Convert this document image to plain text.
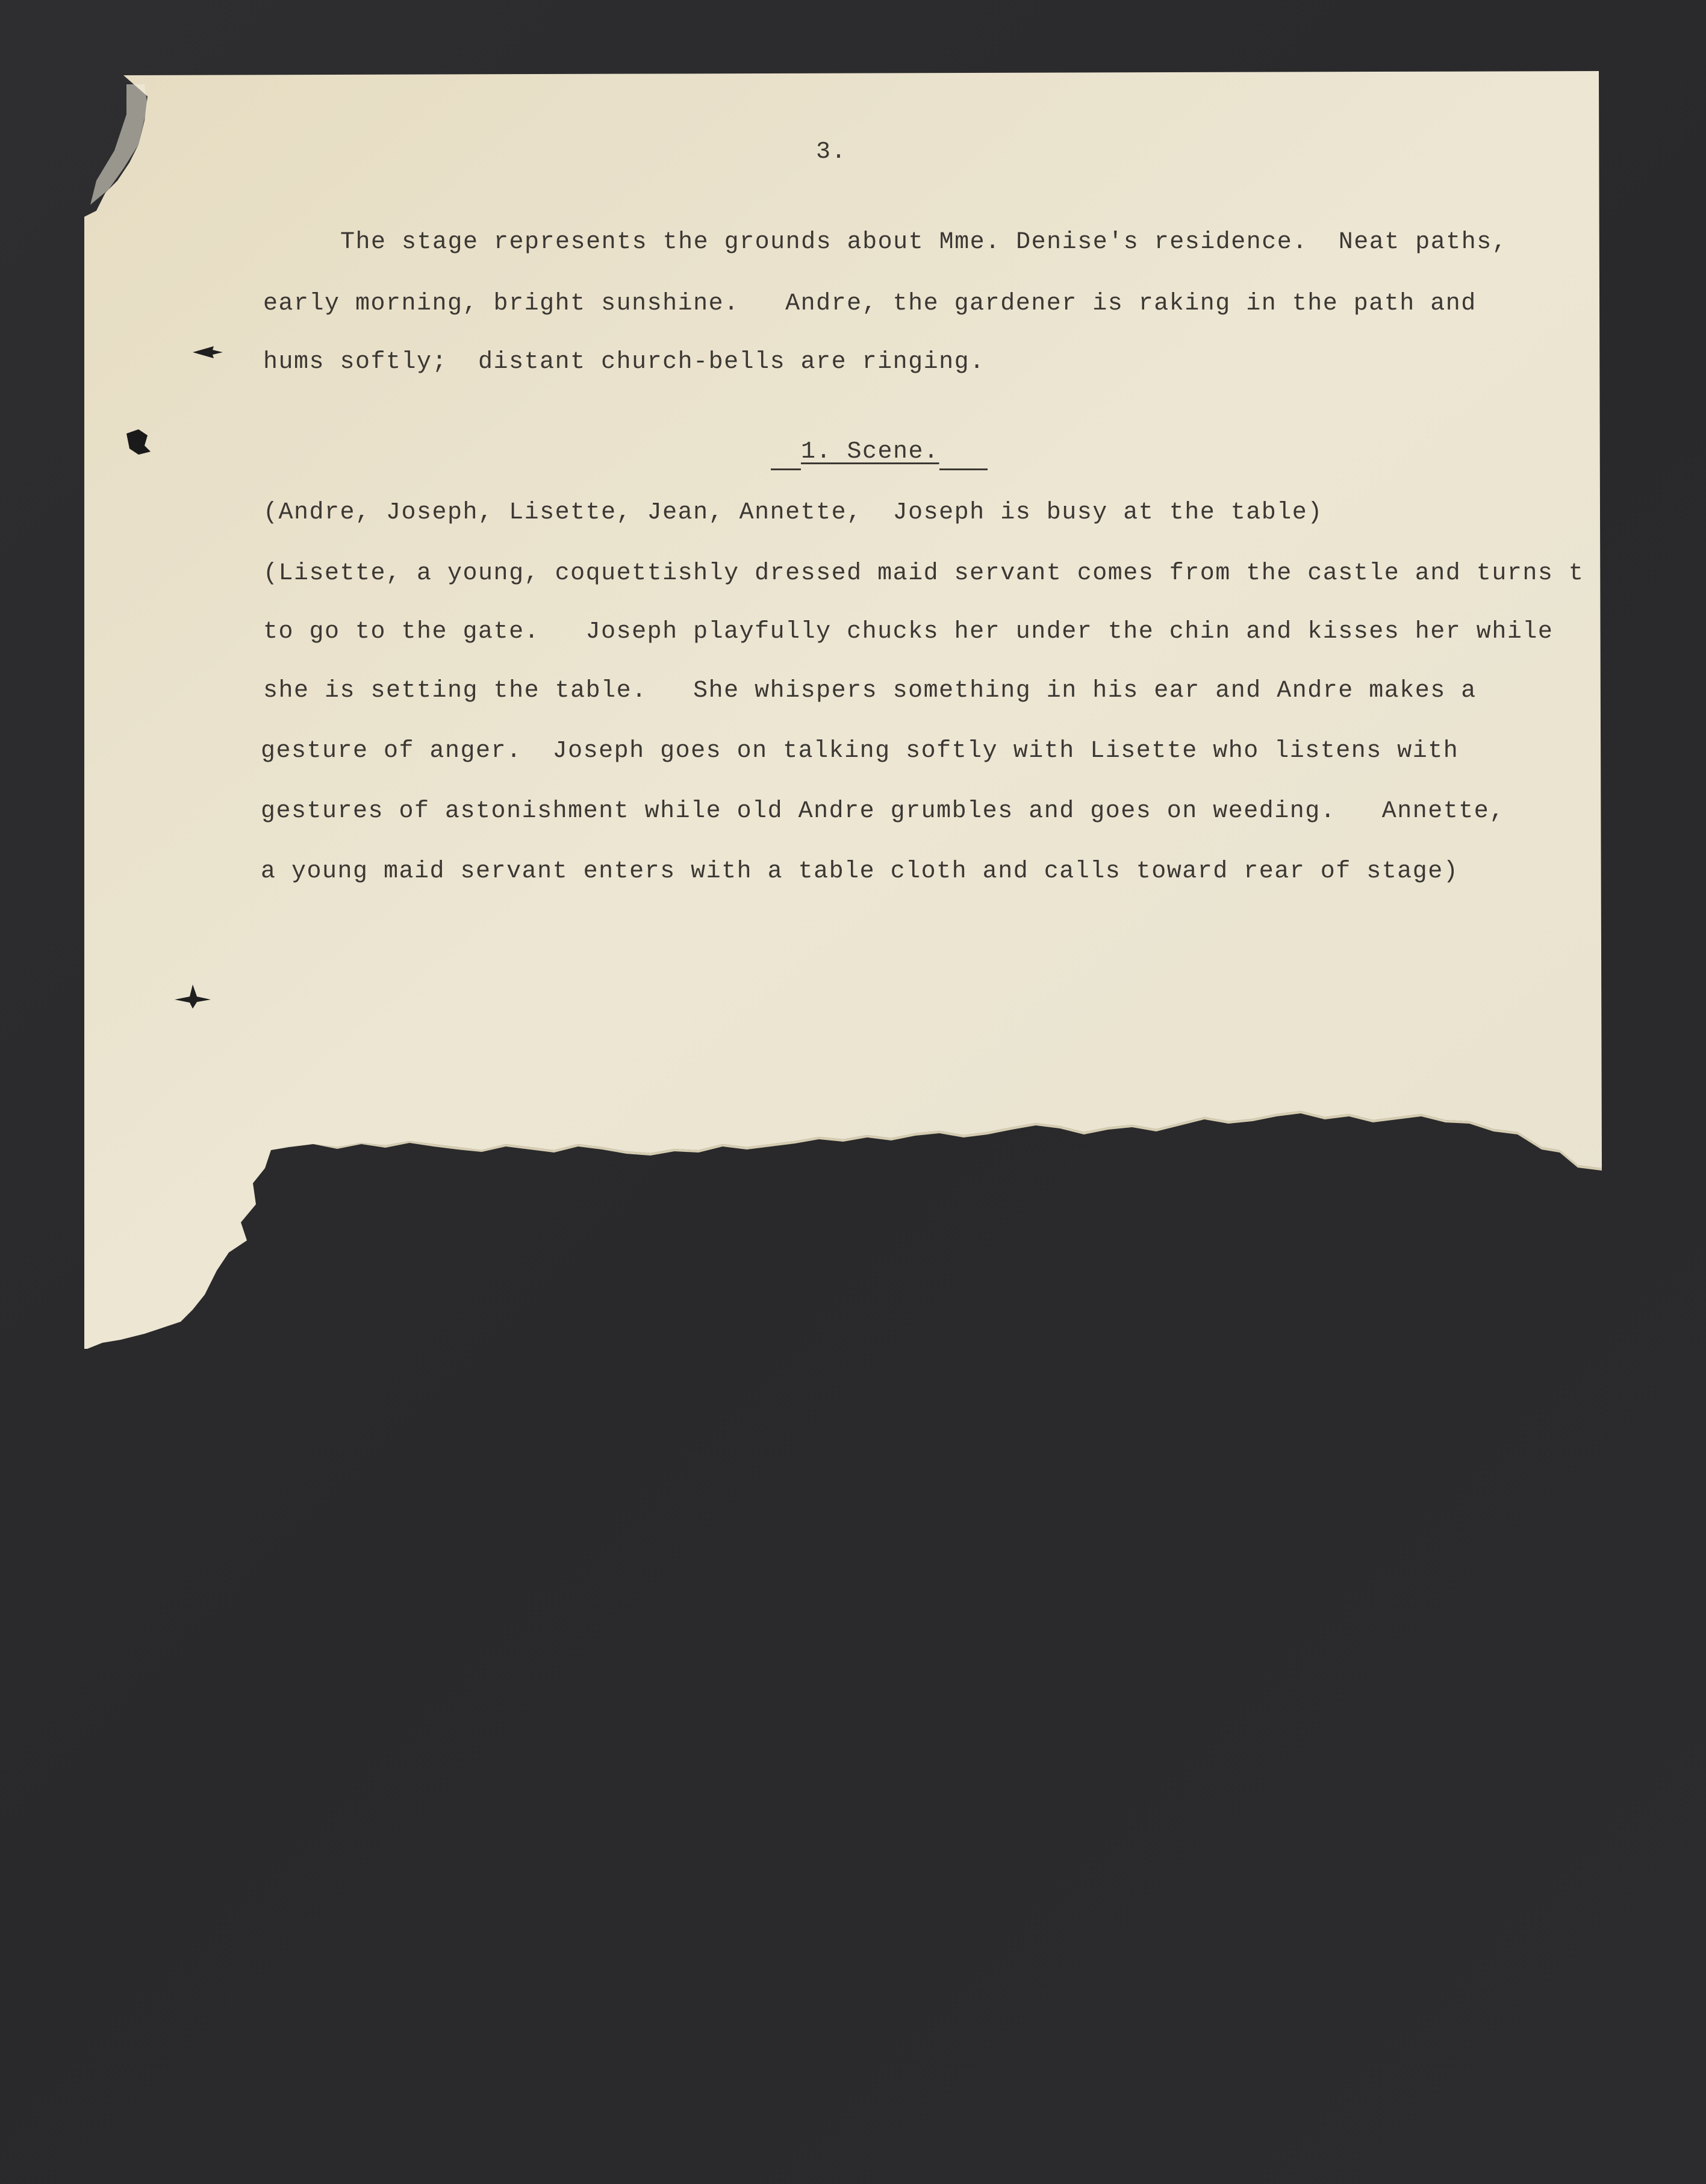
3.
The stage represents the grounds about Mme. Denise's residence.  Neat paths,
early morning, bright sunshine.   Andre, the gardener is raking in the path and
hums softly;  distant church-bells are ringing.
1. Scene.
(Andre, Joseph, Lisette, Jean, Annette,  Joseph is busy at the table)
(Lisette, a young, coquettishly dressed maid servant comes from the castle and turns t
to go to the gate.   Joseph playfully chucks her under the chin and kisses her while
she is setting the table.   She whispers something in his ear and Andre makes a
gesture of anger.  Joseph goes on talking softly with Lisette who listens with
gestures of astonishment while old Andre grumbles and goes on weeding.   Annette,
a young maid servant enters with a table cloth and calls toward rear of stage)
